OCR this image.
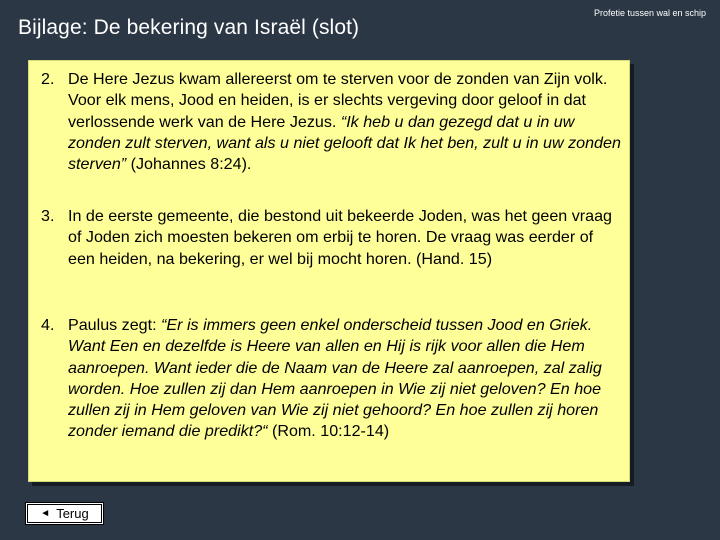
Bijlage: De bekering van Israël (slot)
Profetie tussen wal en schip
2. De Here Jezus kwam allereerst om te sterven voor de zonden van Zijn volk. Voor elk mens, Jood en heiden, is er slechts vergeving door geloof in dat verlossende werk van de Here Jezus. “Ik heb u dan gezegd dat u in uw zonden zult sterven, want als u niet gelooft dat Ik het ben, zult u in uw zonden sterven” (Johannes 8:24).
3. In de eerste gemeente, die bestond uit bekeerde Joden, was het geen vraag of Joden zich moesten bekeren om erbij te horen. De vraag was eerder of een heiden, na bekering, er wel bij mocht horen. (Hand. 15)
4. Paulus zegt: “Er is immers geen enkel onderscheid tussen Jood en Griek. Want Een en dezelfde is Heere van allen en Hij is rijk voor allen die Hem aanroepen. Want ieder die de Naam van de Heere zal aanroepen, zal zalig worden. Hoe zullen zij dan Hem aanroepen in Wie zij niet geloven? En hoe zullen zij in Hem geloven van Wie zij niet gehoord? En hoe zullen zij horen zonder iemand die predikt?“ (Rom. 10:12-14)
◄ Terug
